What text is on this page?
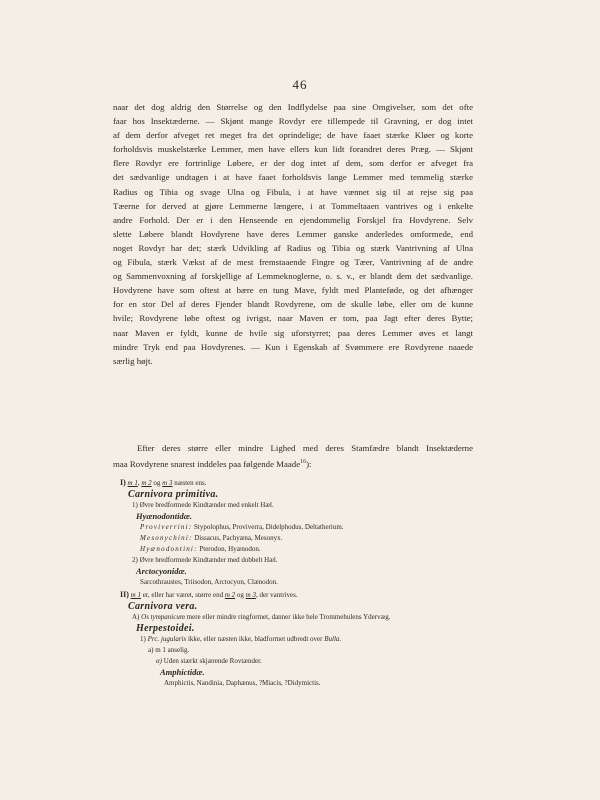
46
naar det dog aldrig den Størrelse og den Indflydelse paa sine Omgivelser, som det ofte
faar hos Insektæderne. — Skjønt mange Rovdyr ere tillempede til Gravning, er dog intet
af dem derfor afveget ret meget fra det oprindelige; de have faaet stærke Kløer og korte
forholdsvis muskelstærke Lemmer, men have ellers kun lidt forandret deres Præg. — Skjønt
flere Rovdyr ere fortrinlige Løbere, er der dog intet af dem, som derfor er afveget fra
det sædvanlige undtagen i at have faaet forholdsvis lange Lemmer med temmelig stærke
Radius og Tibia og svage Ulna og Fibula, i at have vænnet sig til at rejse sig paa
Tæerne for derved at gjøre Lemmerne længere, i at Tommeltaaen vantrives og i enkelte
andre Forhold. Der er i den Henseende en ejendommelig Forskjel fra Hovdyrene. Selv
slette Løbere blandt Hovdyrene have deres Lemmer ganske anderledes omformede, end
noget Rovdyr har det; stærk Udvikling af Radius og Tibia og stærk Vantrivning af Ulna
og Fibula, stærk Vækst af de mest fremstaaende Fingre og Tæer, Vantrivning af de andre
og Sammenvoxning af forskjellige af Lemmeknoglerne, o. s. v., er blandt dem det sædvanlige.
Hovdyrene have som oftest at bære en tung Mave, fyldt med Planteføde, og det afhænger
for en stor Del af deres Fjender blandt Rovdyrene, om de skulle løbe, eller om de kunne
hvile; Rovdyrene løbe oftest og ivrigst, naar Maven er tom, paa Jagt efter deres Bytte;
naar Maven er fyldt, kunne de hvile sig uforstyrret; paa deres Lemmer øves et langt
mindre Tryk end paa Hovdyrenes. — Kun i Egenskab af Svømmere ere Rovdyrene naaede
særlig højt.
Efter deres større eller mindre Lighed med deres Stamfædre blandt Insektæderne
maa Rovdyrene snarest inddeles paa følgende Maade$^{16}$):
I) m 1, m 2 og m 3 næsten ens.
Carnivora primitiva.
1) Øvre bredformede Kindtænder med enkelt Hæl.
Hyænodontidæ.
Proviverrini: Stypolophus, Proviverra, Didelphodus, Deltatherium.
Mesonychini: Dissacus, Pachyæna, Mesonyx.
Hyænodontini: Pterodon, Hyænodon.
2) Øvre bredformede Kindtænder med dobbelt Hæl.
Arctocyonidæ.
Sarcothraustes, Triisodon, Arctocyon, Clænodon.
II) m 1 er, eller har været, større end m 2 og m 3, der vantrives.
Carnivora vera.
A) Os tympanicum mere eller mindre ringformet, danner ikke hele Trommehulens Ydervæg.
Herpestoidei.
1) Prc. jugularis ikke, eller næsten ikke, bladformet udbredt over Bulla.
a) m 1 anselig.
α) Uden stærkt skjærende Rovtænder.
Amphictidæ.
Amphictis, Nandinia, Daphænus, ?Miacis, ?Didymictis.
